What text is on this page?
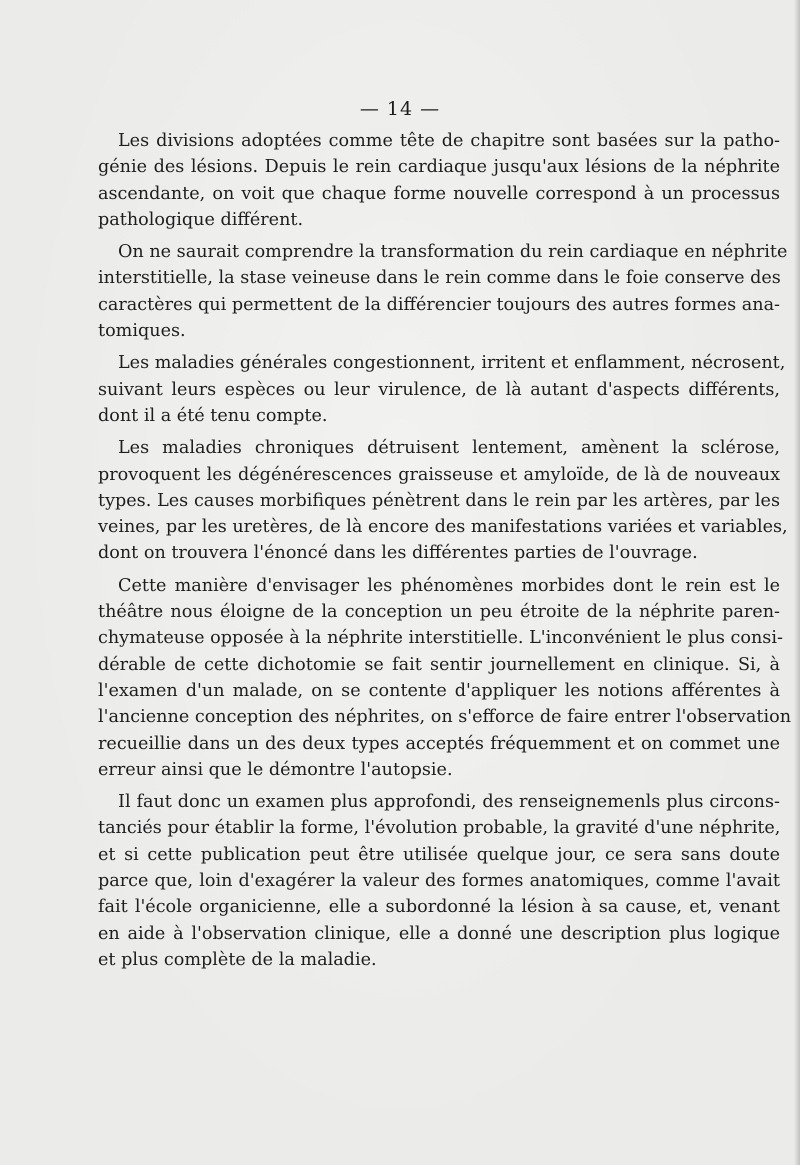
— 14 —
Les divisions adoptées comme tête de chapitre sont basées sur la patho-
génie des lésions. Depuis le rein cardiaque jusqu'aux lésions de la néphrite
ascendante, on voit que chaque forme nouvelle correspond à un processus
pathologique différent.
On ne saurait comprendre la transformation du rein cardiaque en néphrite
interstitielle, la stase veineuse dans le rein comme dans le foie conserve des
caractères qui permettent de la différencier toujours des autres formes ana-
tomiques.
Les maladies générales congestionnent, irritent et enflamment, nécrosent,
suivant leurs espèces ou leur virulence, de là autant d'aspects différents,
dont il a été tenu compte.
Les maladies chroniques détruisent lentement, amènent la sclérose,
provoquent les dégénérescences graisseuse et amyloïde, de là de nouveaux
types. Les causes morbifiques pénètrent dans le rein par les artères, par les
veines, par les uretères, de là encore des manifestations variées et variables,
dont on trouvera l'énoncé dans les différentes parties de l'ouvrage.
Cette manière d'envisager les phénomènes morbides dont le rein est le
théâtre nous éloigne de la conception un peu étroite de la néphrite paren-
chymateuse opposée à la néphrite interstitielle. L'inconvénient le plus consi-
dérable de cette dichotomie se fait sentir journellement en clinique. Si, à
l'examen d'un malade, on se contente d'appliquer les notions afférentes à
l'ancienne conception des néphrites, on s'efforce de faire entrer l'observation
recueillie dans un des deux types acceptés fréquemment et on commet une
erreur ainsi que le démontre l'autopsie.
Il faut donc un examen plus approfondi, des renseignemenls plus circons-
tanciés pour établir la forme, l'évolution probable, la gravité d'une néphrite,
et si cette publication peut être utilisée quelque jour, ce sera sans doute
parce que, loin d'exagérer la valeur des formes anatomiques, comme l'avait
fait l'école organicienne, elle a subordonné la lésion à sa cause, et, venant
en aide à l'observation clinique, elle a donné une description plus logique
et plus complète de la maladie.
